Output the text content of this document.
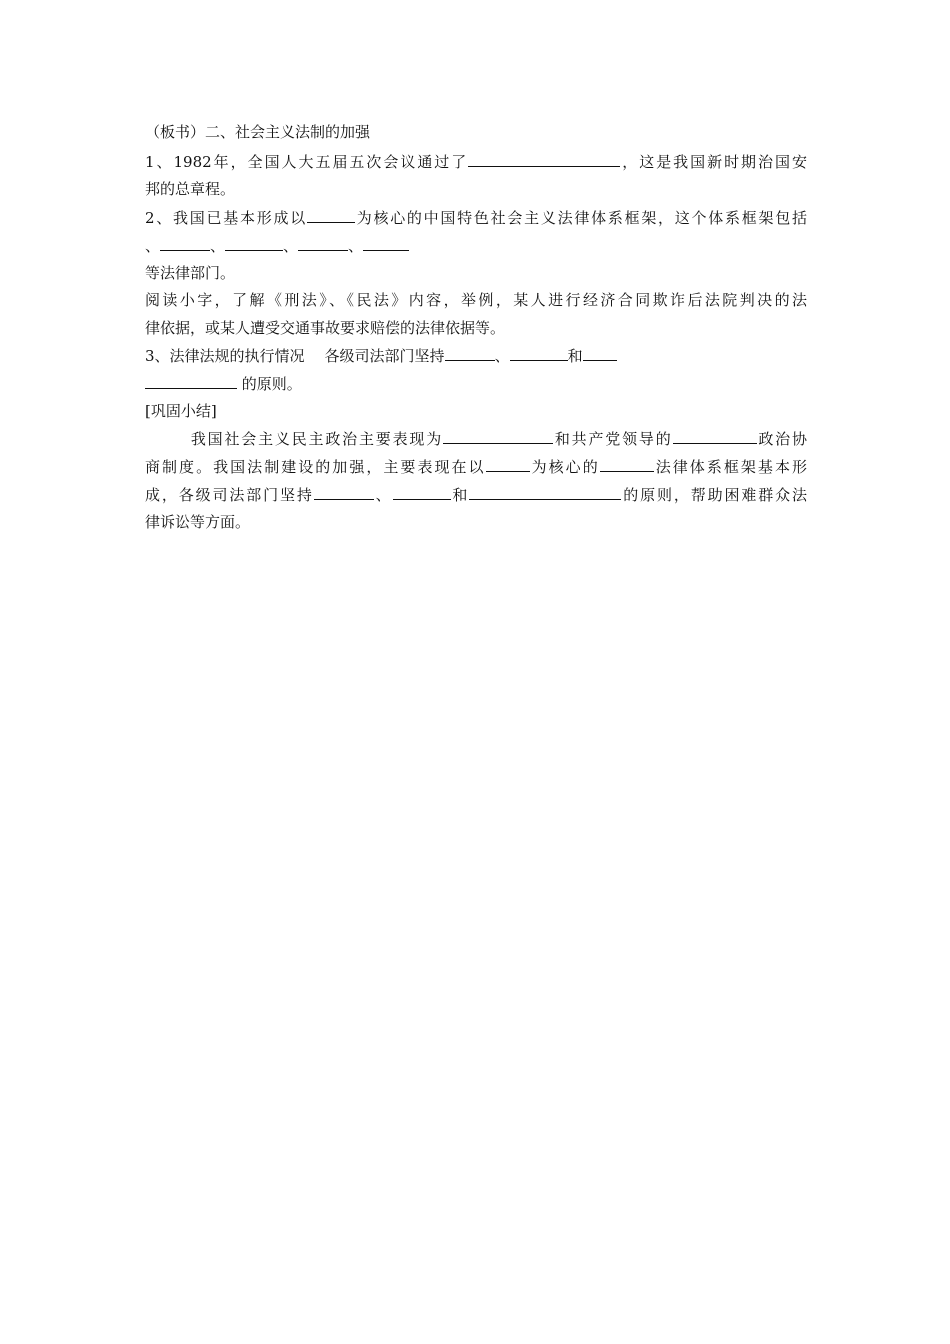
（板书）二、社会主义法制的加强
1、1982年，全国人大五届五次会议通过了	，这是我国新时期治国安
邦的总章程。
2、我国已基本形成以	为核心的中国特色社会主义法律体系框架，这个体系框架包括
、	、	、	、
等法律部门。
阅读小字，了解《刑法》、《民法》内容，举例，某人进行经济合同欺诈后法院判决的法
律依据，或某人遭受交通事故要求赔偿的法律依据等。
3、法律法规的执行情况 各级司法部门坚持	、	和
的原则。
[巩固小结]
我国社会主义民主政治主要表现为	和共产党领导的	政治协
商制度。我国法制建设的加强，主要表现在以	为核心的	法律体系框架基本形
成，各级司法部门坚持	、	和	的原则，帮助困难群众法
律诉讼等方面。
